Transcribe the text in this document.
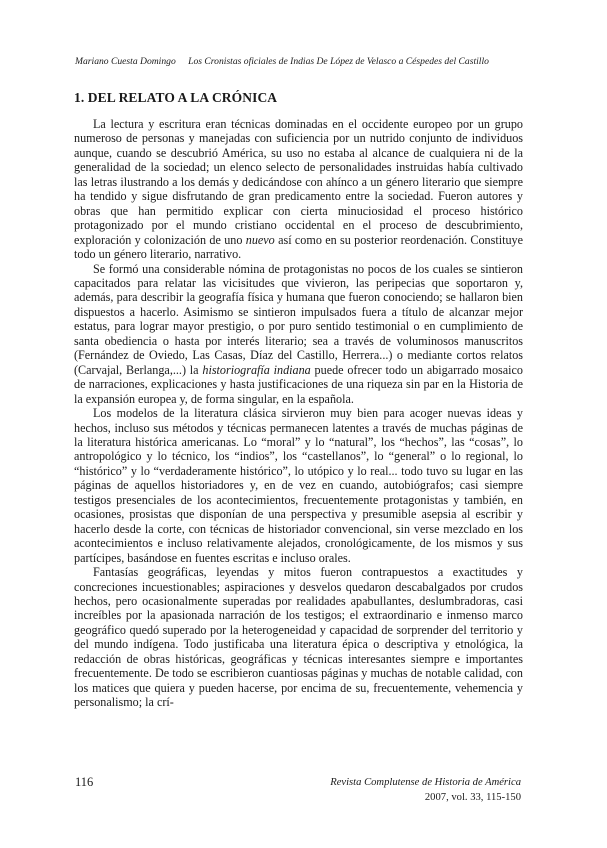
Mariano Cuesta Domingo Los Cronistas oficiales de Indias De López de Velasco a Céspedes del Castillo
1. DEL RELATO A LA CRÓNICA

La lectura y escritura eran técnicas dominadas en el occidente europeo por un grupo numeroso de personas y manejadas con suficiencia por un nutrido conjunto de individuos aunque, cuando se descubrió América, su uso no estaba al alcance de cualquiera ni de la generalidad de la sociedad; un elenco selecto de personalidades instruidas había cultivado las letras ilustrando a los demás y dedicándose con ahínco a un género literario que siempre ha tendido y sigue disfrutando de gran predicamento entre la sociedad. Fueron autores y obras que han permitido explicar con cierta minuciosidad el proceso histórico protagonizado por el mundo cristiano occidental en el proceso de descubrimiento, exploración y colonización de uno nuevo así como en su posterior reordenación. Constituye todo un género literario, narrativo.

Se formó una considerable nómina de protagonistas no pocos de los cuales se sintieron capacitados para relatar las vicisitudes que vivieron, las peripecias que soportaron y, además, para describir la geografía física y humana que fueron conociendo; se hallaron bien dispuestos a hacerlo. Asimismo se sintieron impulsados fuera a título de alcanzar mejor estatus, para lograr mayor prestigio, o por puro sentido testimonial o en cumplimiento de santa obediencia o hasta por interés literario; sea a través de voluminosos manuscritos (Fernández de Oviedo, Las Casas, Díaz del Castillo, Herrera...) o mediante cortos relatos (Carvajal, Berlanga,...) la historiografía indiana puede ofrecer todo un abigarrado mosaico de narraciones, explicaciones y hasta justificaciones de una riqueza sin par en la Historia de la expansión europea y, de forma singular, en la española.

Los modelos de la literatura clásica sirvieron muy bien para acoger nuevas ideas y hechos, incluso sus métodos y técnicas permanecen latentes a través de muchas páginas de la literatura histórica americanas. Lo “moral” y lo “natural”, los “hechos”, las “cosas”, lo antropológico y lo técnico, los “indios”, los “castellanos”, lo “general” o lo regional, lo “histórico” y lo “verdaderamente histórico”, lo utópico y lo real... todo tuvo su lugar en las páginas de aquellos historiadores y, en de vez en cuando, autobiógrafos; casi siempre testigos presenciales de los acontecimientos, frecuentemente protagonistas y también, en ocasiones, prosistas que disponían de una perspectiva y presumible asepsia al escribir y hacerlo desde la corte, con técnicas de historiador convencional, sin verse mezclado en los acontecimientos e incluso relativamente alejados, cronológicamente, de los mismos y sus partícipes, basándose en fuentes escritas e incluso orales.

Fantasías geográficas, leyendas y mitos fueron contrapuestos a exactitudes y concreciones incuestionables; aspiraciones y desvelos quedaron descabalgados por crudos hechos, pero ocasionalmente superadas por realidades apabullantes, deslumbradoras, casi increíbles por la apasionada narración de los testigos; el extraordinario e inmenso marco geográfico quedó superado por la heterogeneidad y capacidad de sorprender del territorio y del mundo indígena. Todo justificaba una literatura épica o descriptiva y etnológica, la redacción de obras históricas, geográficas y técnicas interesantes siempre e importantes frecuentemente. De todo se escribieron cuantiosas páginas y muchas de notable calidad, con los matices que quiera y pueden hacerse, por encima de su, frecuentemente, vehemencia y personalismo; la crí-

116	Revista Complutense de Historia de América
2007, vol. 33, 115-150
